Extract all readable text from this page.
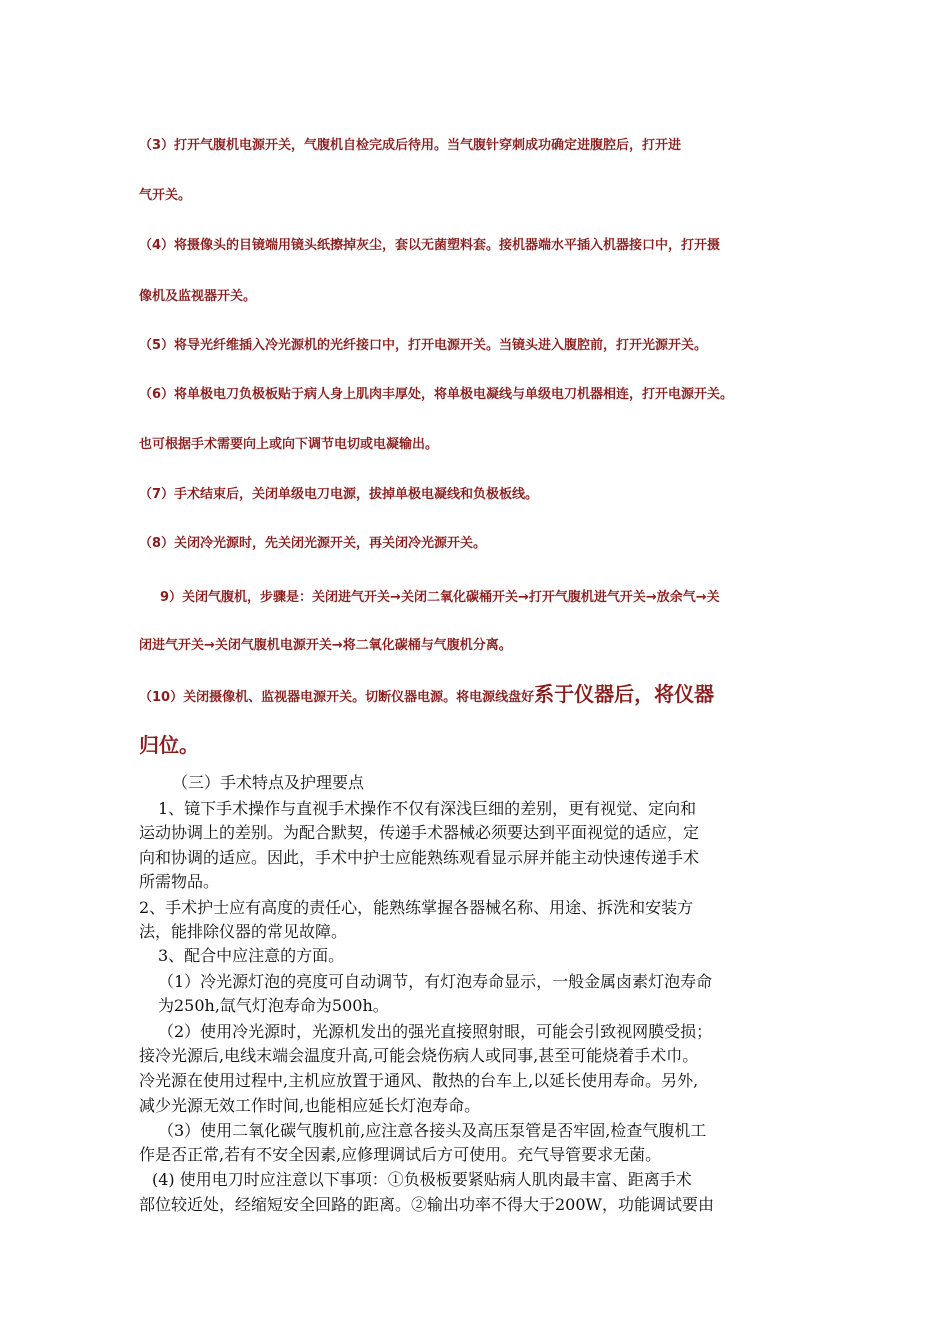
（3）打开气腹机电源开关，气腹机自检完成后待用。当气腹针穿刺成功确定进腹腔后，打开进
气开关。
（4）将摄像头的目镜端用镜头纸擦掉灰尘，套以无菌塑料套。接机器端水平插入机器接口中，打开摄
像机及监视器开关。
（5）将导光纤维插入冷光源机的光纤接口中，打开电源开关。当镜头进入腹腔前，打开光源开关。
（6）将单极电刀负极板贴于病人身上肌肉丰厚处，将单极电凝线与单级电刀机器相连，打开电源开关。
也可根据手术需要向上或向下调节电切或电凝输出。
（7）手术结束后，关闭单级电刀电源，拔掉单极电凝线和负极板线。
（8）关闭冷光源时，先关闭光源开关，再关闭冷光源开关。
9）关闭气腹机，步骤是：关闭进气开关→关闭二氧化碳桶开关→打开气腹机进气开关→放余气→关
闭进气开关→关闭气腹机电源开关→将二氧化碳桶与气腹机分离。
（10）关闭摄像机、监视器电源开关。切断仪器电源。将电源线盘好系于仪器后，将仪器
归位。
（三）手术特点及护理要点
1、镜下手术操作与直视手术操作不仅有深浅巨细的差别，更有视觉、定向和
运动协调上的差别。为配合默契，传递手术器械必须要达到平面视觉的适应，定
向和协调的适应。因此，手术中护士应能熟练观看显示屏并能主动快速传递手术
所需物品。
2、手术护士应有高度的责任心，能熟练掌握各器械名称、用途、拆洗和安装方
法，能排除仪器的常见故障。
3、配合中应注意的方面。
（1）冷光源灯泡的亮度可自动调节，有灯泡寿命显示，一般金属卤素灯泡寿命
为250h,氙气灯泡寿命为500h。
（2）使用冷光源时，光源机发出的强光直接照射眼，可能会引致视网膜受损；
接冷光源后,电线末端会温度升高,可能会烧伤病人或同事,甚至可能烧着手术巾。
冷光源在使用过程中,主机应放置于通风、散热的台车上,以延长使用寿命。另外,
减少光源无效工作时间,也能相应延长灯泡寿命。
（3）使用二氧化碳气腹机前,应注意各接头及高压泵管是否牢固,检查气腹机工
作是否正常,若有不安全因素,应修理调试后方可使用。充气导管要求无菌。
(4) 使用电刀时应注意以下事项：①负极板要紧贴病人肌肉最丰富、距离手术
部位较近处，经缩短安全回路的距离。②输出功率不得大于200W，功能调试要由
